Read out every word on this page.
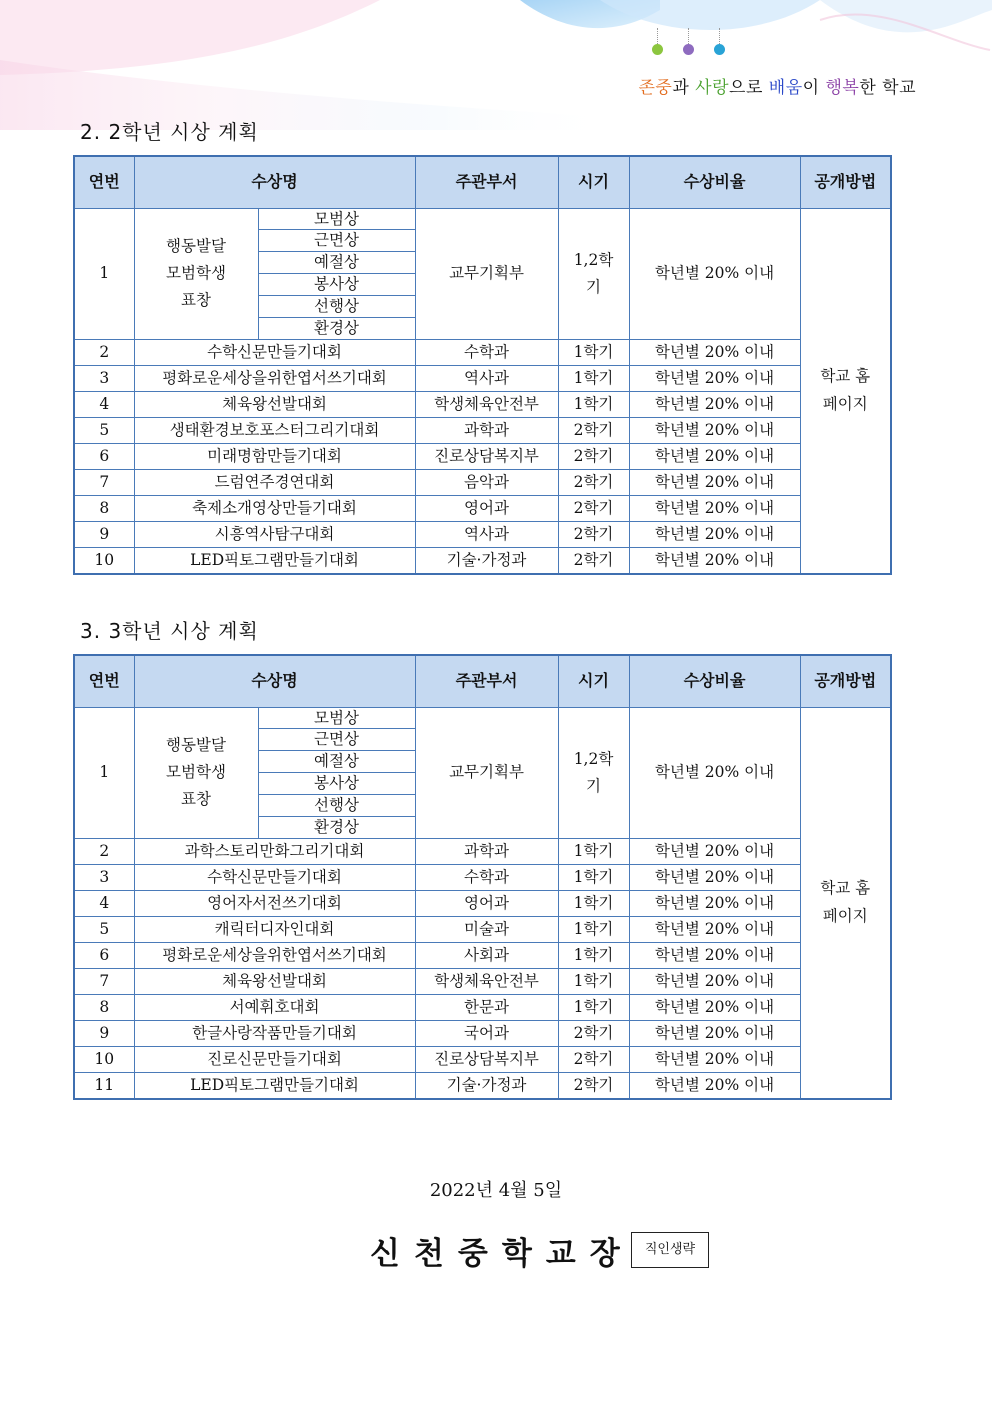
존중과 사랑으로 배움이 행복한 학교
2. 2학년 시상 계획
연번	수상명		주관부서	시기	수상비율	공개방법
1	행동발달 모범학생 표창	모범상	교무기획부	1,2학기	학년별 20% 이내	학교 홈페이지
		근면상				
		예절상				
		봉사상				
		선행상				
		환경상				
2	수학신문만들기대회		수학과	1학기	학년별 20% 이내	
3	평화로운세상을위한엽서쓰기대회		역사과	1학기	학년별 20% 이내	
4	체육왕선발대회		학생체육안전부	1학기	학년별 20% 이내	
5	생태환경보호포스터그리기대회		과학과	2학기	학년별 20% 이내	
6	미래명함만들기대회		진로상담복지부	2학기	학년별 20% 이내	
7	드럼연주경연대회		음악과	2학기	학년별 20% 이내	
8	축제소개영상만들기대회		영어과	2학기	학년별 20% 이내	
9	시흥역사탐구대회		역사과	2학기	학년별 20% 이내	
10	LED픽토그램만들기대회		기술·가정과	2학기	학년별 20% 이내	
3. 3학년 시상 계획
연번	수상명		주관부서	시기	수상비율	공개방법
1	행동발달 모범학생 표창	모범상	교무기획부	1,2학기	학년별 20% 이내	학교 홈페이지
		근면상				
		예절상				
		봉사상				
		선행상				
		환경상				
2	과학스토리만화그리기대회		과학과	1학기	학년별 20% 이내	
3	수학신문만들기대회		수학과	1학기	학년별 20% 이내	
4	영어자서전쓰기대회		영어과	1학기	학년별 20% 이내	
5	캐릭터디자인대회		미술과	1학기	학년별 20% 이내	
6	평화로운세상을위한엽서쓰기대회		사회과	1학기	학년별 20% 이내	
7	체육왕선발대회		학생체육안전부	1학기	학년별 20% 이내	
8	서예휘호대회		한문과	1학기	학년별 20% 이내	
9	한글사랑작품만들기대회		국어과	2학기	학년별 20% 이내	
10	진로신문만들기대회		진로상담복지부	2학기	학년별 20% 이내	
11	LED픽토그램만들기대회		기술·가정과	2학기	학년별 20% 이내	
2022년 4월 5일
신천중학교장 직인생략
